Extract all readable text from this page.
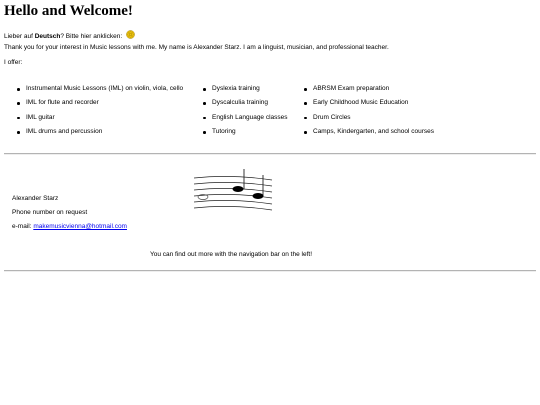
Hello and Welcome!
Lieber auf Deutsch? Bitte hier anklicken:
Thank you for your interest in Music lessons with me. My name is Alexander Starz. I am a linguist, musician, and professional teacher.
I offer:
Instrumental Music Lessons (IML) on violin, viola, cello
IML for flute and recorder
IML guitar
IML drums and percussion
Dyslexia training
Dyscalculia training
English Language classes
Tutoring
ABRSM Exam preparation
Early Childhood Music Education
Drum Circles
Camps, Kindergarten, and school courses
Alexander Starz
Phone number on request
e-mail: makemusicvienna@hotmail.com
You can find out more with the navigation bar on the left!
